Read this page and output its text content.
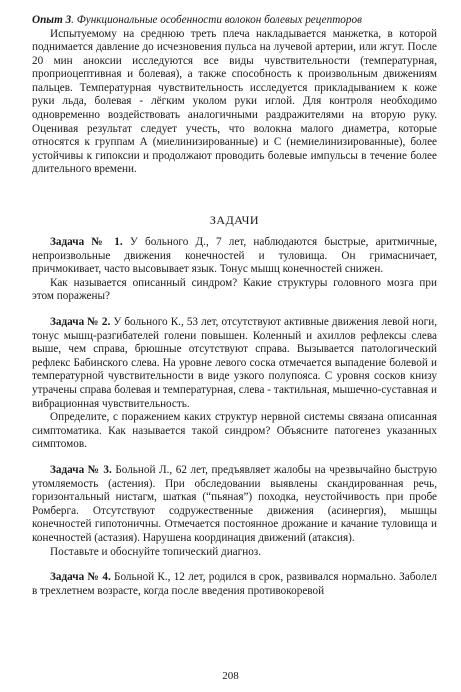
Опыт 3. Функциональные особенности волокон болевых рецепторов

Испытуемому на среднюю треть плеча накладывается манжетка, в которой поднимается давление до исчезновения пульса на лучевой артерии, или жгут. После 20 мин аноксии исследуются все виды чувствительности (температурная, проприоцептивная и болевая), а также способность к произвольным движениям пальцев. Температурная чувствительность исследуется прикладыванием к коже руки льда, болевая - лёгким уколом руки иглой. Для контроля необходимо одновременно воздействовать аналогичными раздражителями на вторую руку. Оценивая результат следует учесть, что волокна малого диаметра, которые относятся к группам А (миелинизированные) и С (немиелинизированные), более устойчивы к гипоксии и продолжают проводить болевые импульсы в течение более длительного времени.

ЗАДАЧИ

Задача № 1. У больного Д., 7 лет, наблюдаются быстрые, аритмичные, непроизвольные движения конечностей и туловища. Он гримасничает, причмокивает, часто высовывает язык. Тонус мышц конечностей снижен.

Как называется описанный синдром? Какие структуры головного мозга при этом поражены?

Задача № 2. У больного К., 53 лет, отсутствуют активные движения левой ноги, тонус мышц-разгибателей голени повышен. Коленный и ахиллов рефлексы слева выше, чем справа, брюшные отсутствуют справа. Вызывается патологический рефлекс Бабинского слева. На уровне левого соска отмечается выпадение болевой и температурной чувствительности в виде узкого полупояса. С уровня сосков книзу утрачены справа болевая и температурная, слева - тактильная, мышечно-суставная и вибрационная чувствительность.

Определите, с поражением каких структур нервной системы связана описанная симптоматика. Как называется такой синдром? Объясните патогенез указанных симптомов.

Задача № 3. Больной Л., 62 лет, предъявляет жалобы на чрезвычайно быструю утомляемость (астения). При обследовании выявлены скандированная речь, горизонтальный нистагм, шаткая (“пьяная”) походка, неустойчивость при пробе Ромберга. Отсутствуют содружественные движения (асинергия), мышцы конечностей гипотоничны. Отмечается постоянное дрожание и качание туловища и конечностей (астазия). Нарушена координация движений (атаксия).

Поставьте и обоснуйте топический диагноз.

Задача № 4. Больной К., 12 лет, родился в срок, развивался нормально. Заболел в трехлетнем возрасте, когда после введения противокоревой

208
